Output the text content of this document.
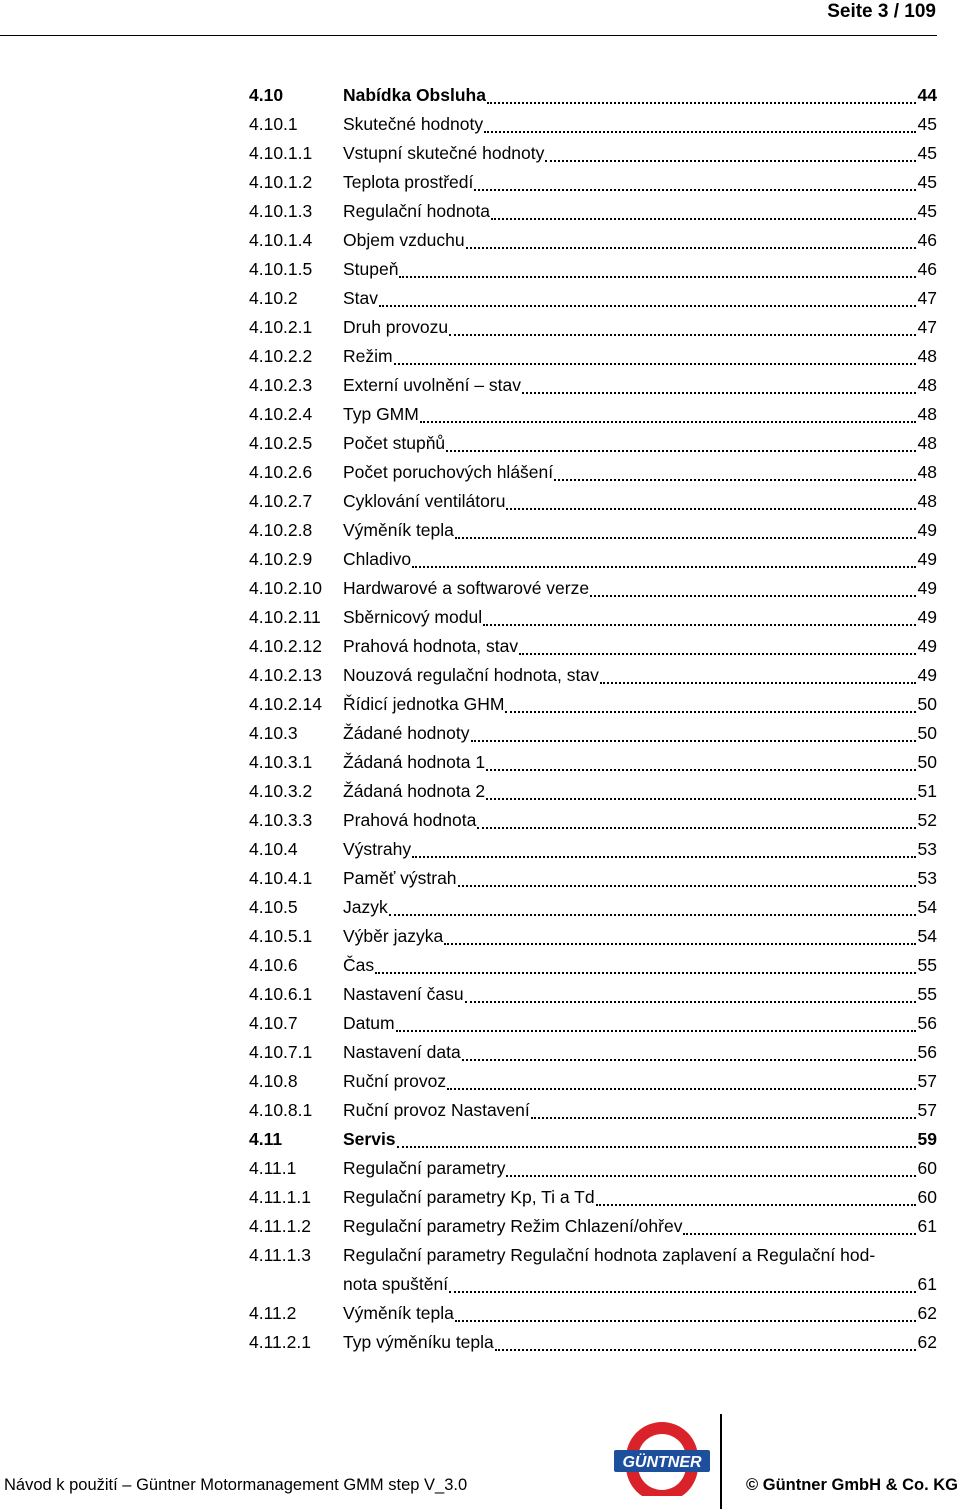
Seite 3 / 109
4.10	Nabídka Obsluha	44
4.10.1	Skutečné hodnoty	45
4.10.1.1	Vstupní skutečné hodnoty	45
4.10.1.2	Teplota prostředí	45
4.10.1.3	Regulační hodnota	45
4.10.1.4	Objem vzduchu	46
4.10.1.5	Stupeň	46
4.10.2	Stav	47
4.10.2.1	Druh provozu	47
4.10.2.2	Režim	48
4.10.2.3	Externí uvolnění – stav	48
4.10.2.4	Typ GMM	48
4.10.2.5	Počet stupňů	48
4.10.2.6	Počet poruchových hlášení	48
4.10.2.7	Cyklování ventilátoru	48
4.10.2.8	Výměník tepla	49
4.10.2.9	Chladivo	49
4.10.2.10	Hardwarové a softwarové verze	49
4.10.2.11	Sběrnicový modul	49
4.10.2.12	Prahová hodnota, stav	49
4.10.2.13	Nouzová regulační hodnota, stav	49
4.10.2.14	Řídicí jednotka GHM	50
4.10.3	Žádané hodnoty	50
4.10.3.1	Žádaná hodnota 1	50
4.10.3.2	Žádaná hodnota 2	51
4.10.3.3	Prahová hodnota	52
4.10.4	Výstrahy	53
4.10.4.1	Paměť výstrah	53
4.10.5	Jazyk	54
4.10.5.1	Výběr jazyka	54
4.10.6	Čas	55
4.10.6.1	Nastavení času	55
4.10.7	Datum	56
4.10.7.1	Nastavení data	56
4.10.8	Ruční provoz	57
4.10.8.1	Ruční provoz Nastavení	57
4.11	Servis	59
4.11.1	Regulační parametry	60
4.11.1.1	Regulační parametry Kp, Ti a Td	60
4.11.1.2	Regulační parametry Režim Chlazení/ohřev	61
4.11.1.3	Regulační parametry Regulační hodnota zaplavení a Regulační hod-
nota spuštění	61
4.11.2	Výměník tepla	62
4.11.2.1	Typ výměníku tepla	62
GÜNTNER
Návod k použití – Güntner Motormanagement GMM step V_3.0	© Güntner GmbH & Co. KG
